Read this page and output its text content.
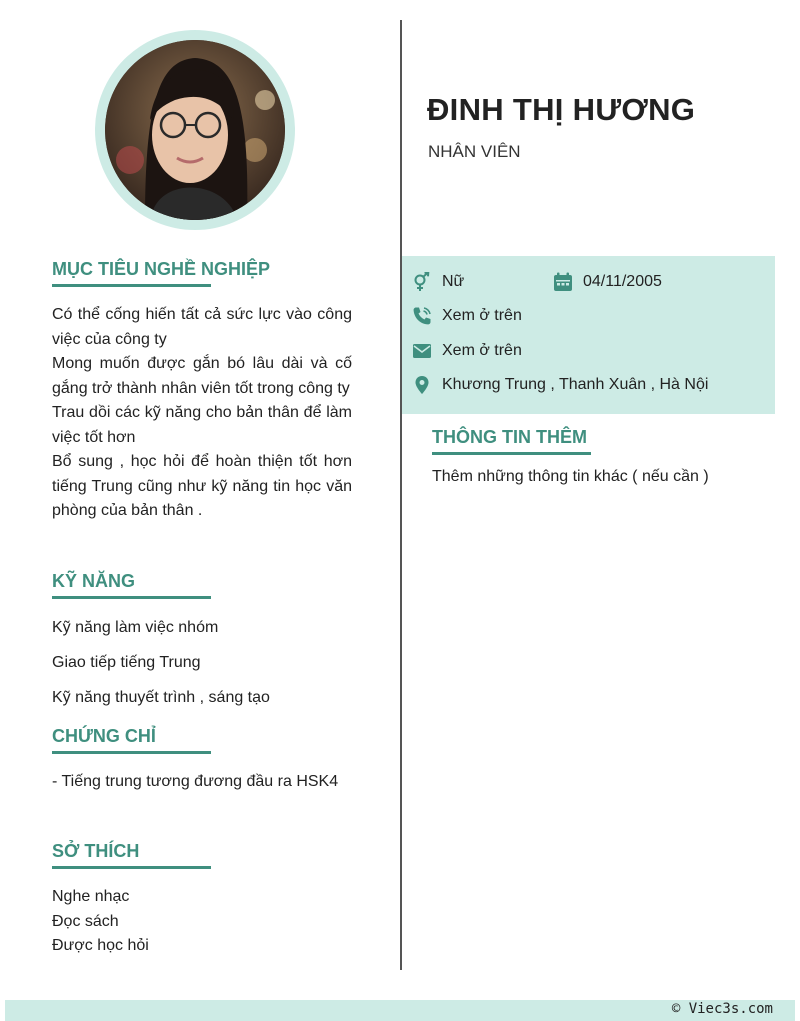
MỤC TIÊU NGHỀ NGHIỆP

Có thể cống hiến tất cả sức lực vào công việc của công ty

Mong muốn được gắn bó lâu dài và cố gắng trở thành nhân viên tốt trong công ty

Trau dồi các kỹ năng cho bản thân để làm việc tốt hơn

Bổ sung , học hỏi để hoàn thiện tốt hơn tiếng Trung cũng như kỹ năng tin học văn phòng của bản thân .

KỸ NĂNG

Kỹ năng làm việc nhóm

Giao tiếp tiếng Trung

Kỹ năng thuyết trình , sáng tạo

CHỨNG CHỈ

- Tiếng trung tương đương đầu ra HSK4

SỞ THÍCH

Nghe nhạc

Đọc sách

Được học hỏi

ĐINH THỊ HƯƠNG

NHÂN VIÊN

Nữ	04/11/2005
Xem ở trên
Xem ở trên
Khương Trung , Thanh Xuân , Hà Nội
THÔNG TIN THÊM

Thêm những thông tin khác ( nếu cần )

© Viec3s.com
